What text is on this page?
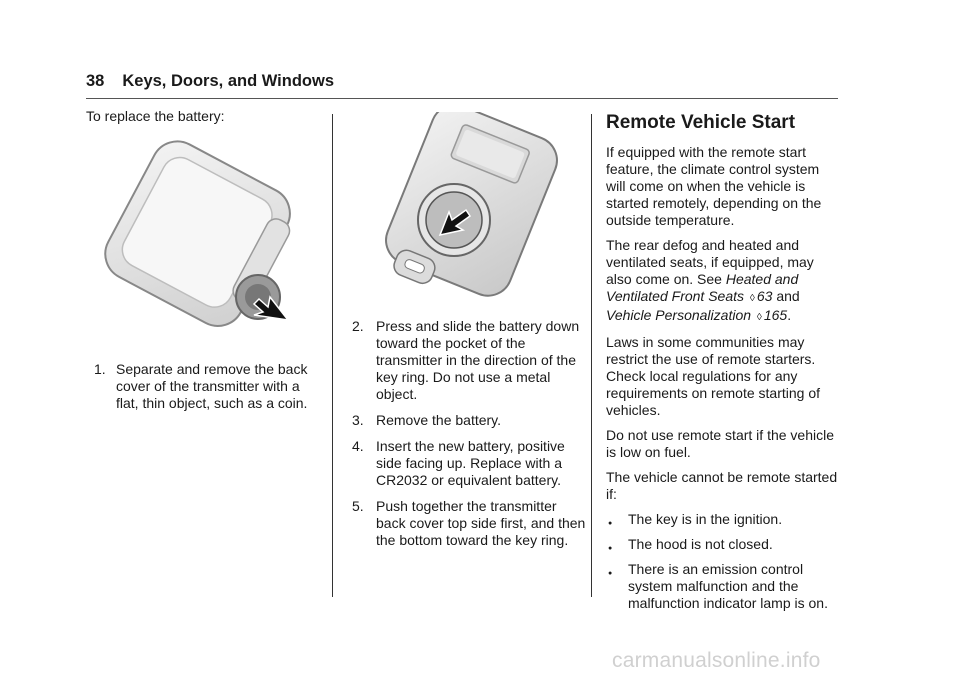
38 Keys, Doors, and Windows

To replace the battery:

1. Separate and remove the back cover of the transmitter with a flat, thin object, such as a coin.
2. Press and slide the battery down toward the pocket of the transmitter in the direction of the key ring. Do not use a metal object.
3. Remove the battery.
4. Insert the new battery, positive side facing up. Replace with a CR2032 or equivalent battery.
5. Push together the transmitter back cover top side first, and then the bottom toward the key ring.
Remote Vehicle Start

If equipped with the remote start feature, the climate control system will come on when the vehicle is started remotely, depending on the outside temperature.

The rear defog and heated and ventilated seats, if equipped, may also come on. See Heated and Ventilated Front Seats ◊ 63 and Vehicle Personalization ◊ 165.

Laws in some communities may restrict the use of remote starters. Check local regulations for any requirements on remote starting of vehicles.

Do not use remote start if the vehicle is low on fuel.

The vehicle cannot be remote started if:

● The key is in the ignition.
● The hood is not closed.
● There is an emission control system malfunction and the malfunction indicator lamp is on.
carmanualsonline.info
